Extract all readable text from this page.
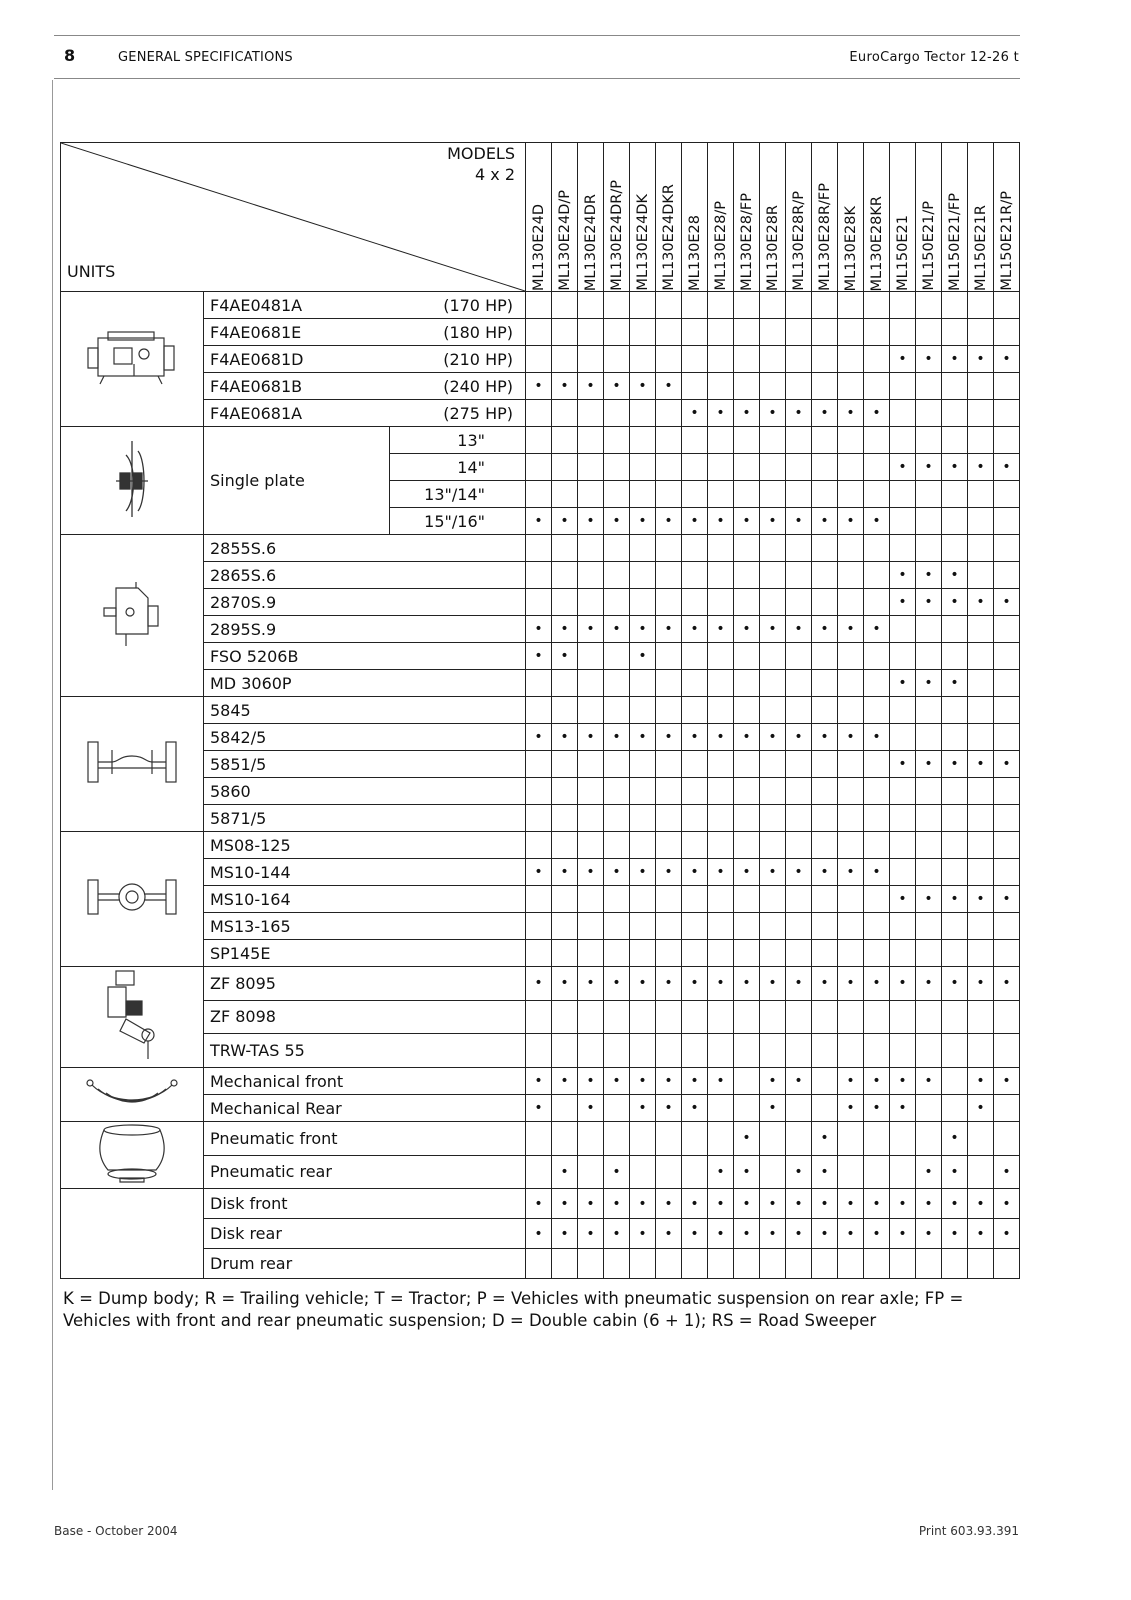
8	GENERAL SPECIFICATIONS	EuroCargo Tector 12-26 t
MODELS
4 x 2
UNITS			ML130E24D	ML130E24D/P	ML130E24DR	ML130E24DR/P	ML130E24DK	ML130E24DKR	ML130E28	ML130E28/P	ML130E28/FP	ML130E28R	ML130E28R/P	ML130E28R/FP	ML130E28K	ML130E28KR	ML150E21	ML150E21/P	ML150E21/FP	ML150E21R	ML150E21R/P

	F4AE0481A	(170 HP)																			
	F4AE0681E	(180 HP)																			
	F4AE0681D	(210 HP)															•	•	•	•	•
	F4AE0681B	(240 HP)	•	•	•	•	•	•													
	F4AE0681A	(275 HP)							•	•	•	•	•	•	•	•					
	Single plate	13"																			
		14"															•	•	•	•	•
		13"/14"																			
		15"/16"	•	•	•	•	•	•	•	•	•	•	•	•	•	•					
	2855S.6																				
	2865S.6																•	•	•		
	2870S.9																•	•	•	•	•
	2895S.9		•	•	•	•	•	•	•	•	•	•	•	•	•	•					
	FSO 5206B		•	•			•														
	MD 3060P																•	•	•		
	5845																				
	5842/5		•	•	•	•	•	•	•	•	•	•	•	•	•	•					
	5851/5																•	•	•	•	•
	5860																				
	5871/5																				
	MS08-125																				
	MS10-144		•	•	•	•	•	•	•	•	•	•	•	•	•	•					
	MS10-164																•	•	•	•	•
	MS13-165																				
	SP145E																				
	ZF 8095		•	•	•	•	•	•	•	•	•	•	•	•	•	•	•	•	•	•	•
	ZF 8098																				
	TRW-TAS 55																				
	Mechanical front		•	•	•	•	•	•	•	•		•	•		•	•	•	•		•	•
	Mechanical Rear		•		•		•	•	•			•			•	•	•			•	
	Pneumatic front										•			•					•		
	Pneumatic rear			•		•				•	•		•	•				•	•		•
	Disk front		•	•	•	•	•	•	•	•	•	•	•	•	•	•	•	•	•	•	•
	Disk rear		•	•	•	•	•	•	•	•	•	•	•	•	•	•	•	•	•	•	•
	Drum rear																				
K = Dump body; R = Trailing vehicle; T = Tractor; P = Vehicles with pneumatic suspension on rear axle; FP = Vehicles with front and rear pneumatic suspension; D = Double cabin (6 + 1); RS = Road Sweeper
Base - October 2004	Print 603.93.391
